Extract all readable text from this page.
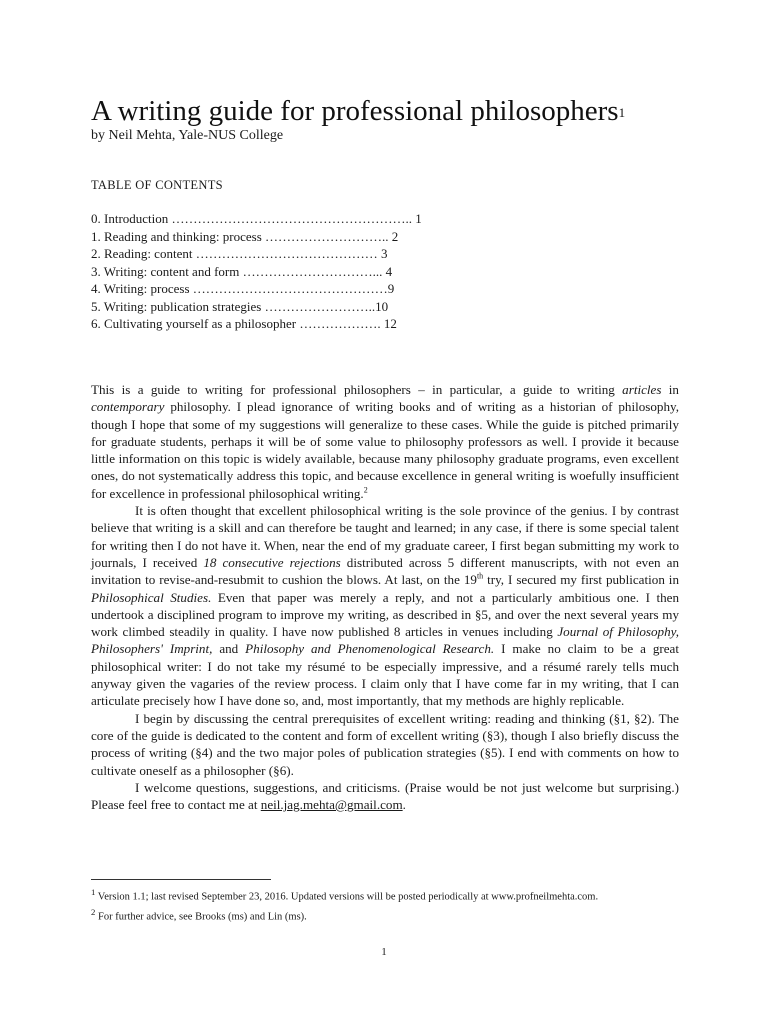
A writing guide for professional philosophers$^1$
by Neil Mehta, Yale-NUS College
TABLE OF CONTENTS
0. Introduction ……………………………………………….. 1
1. Reading and thinking: process ……………………….. 2
2. Reading: content …………………………………… 3
3. Writing: content and form …………………………... 4
4. Writing: process ………………………………………9
5. Writing: publication strategies ……………………..10
6. Cultivating yourself as a philosopher ………………. 12

This is a guide to writing for professional philosophers – in particular, a guide to writing articles in contemporary philosophy. I plead ignorance of writing books and of writing as a historian of philosophy, though I hope that some of my suggestions will generalize to these cases. While the guide is pitched primarily for graduate students, perhaps it will be of some value to philosophy professors as well. I provide it because little information on this topic is widely available, because many philosophy graduate programs, even excellent ones, do not systematically address this topic, and because excellence in general writing is woefully insufficient for excellence in professional philosophical writing.$^2$

It is often thought that excellent philosophical writing is the sole province of the genius. I by contrast believe that writing is a skill and can therefore be taught and learned; in any case, if there is some special talent for writing then I do not have it. When, near the end of my graduate career, I first began submitting my work to journals, I received 18 consecutive rejections distributed across 5 different manuscripts, with not even an invitation to revise-and-resubmit to cushion the blows. At last, on the 19th try, I secured my first publication in Philosophical Studies. Even that paper was merely a reply, and not a particularly ambitious one. I then undertook a disciplined program to improve my writing, as described in §5, and over the next several years my work climbed steadily in quality. I have now published 8 articles in venues including Journal of Philosophy, Philosophers' Imprint, and Philosophy and Phenomenological Research. I make no claim to be a great philosophical writer: I do not take my résumé to be especially impressive, and a résumé rarely tells much anyway given the vagaries of the review process. I claim only that I have come far in my writing, that I can articulate precisely how I have done so, and, most importantly, that my methods are highly replicable.

I begin by discussing the central prerequisites of excellent writing: reading and thinking (§1, §2). The core of the guide is dedicated to the content and form of excellent writing (§3), though I also briefly discuss the process of writing (§4) and the two major poles of publication strategies (§5). I end with comments on how to cultivate oneself as a philosopher (§6).

I welcome questions, suggestions, and criticisms. (Praise would be not just welcome but surprising.) Please feel free to contact me at neil.jag.mehta@gmail.com.

$^1$ Version 1.1; last revised September 23, 2016. Updated versions will be posted periodically at www.profneilmehta.com.

$^2$ For further advice, see Brooks (ms) and Lin (ms).

1
